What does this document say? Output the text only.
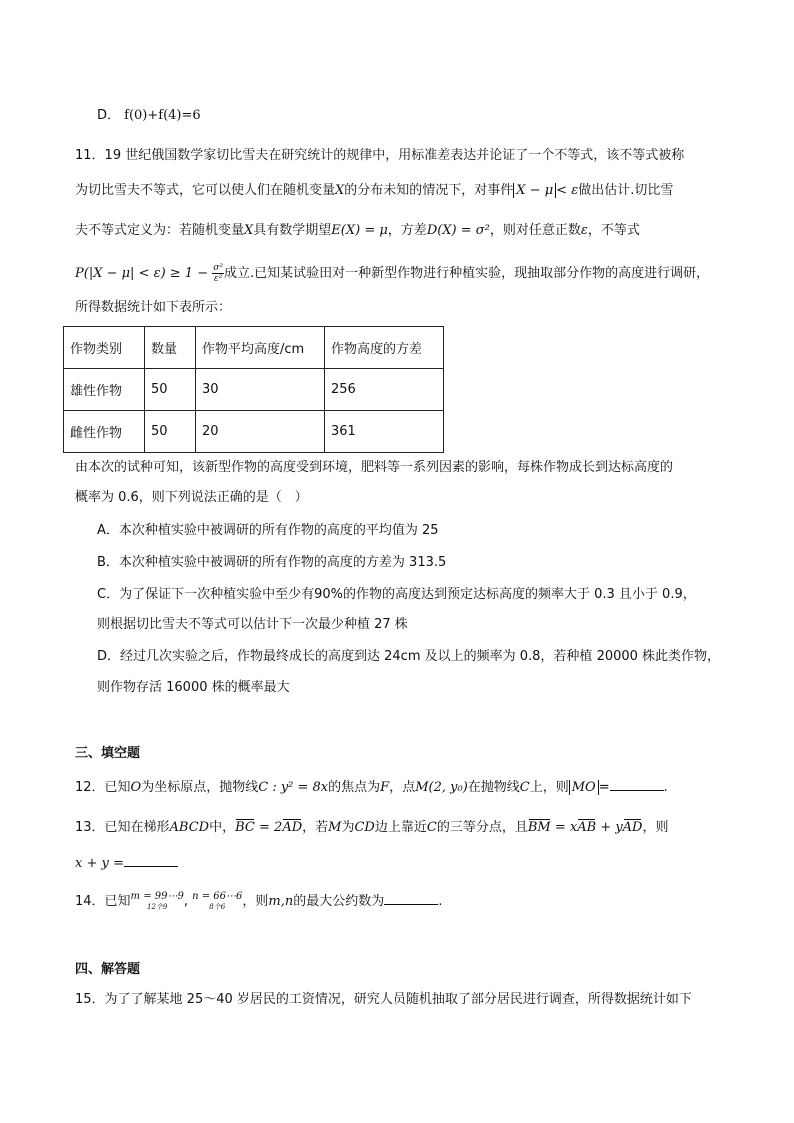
D． f(0)+f(4)=6
11．19 世纪俄国数学家切比雪夫在研究统计的规律中，用标准差表达并论证了一个不等式，该不等式被称
为切比雪夫不等式，它可以使人们在随机变量X的分布未知的情况下，对事件 X − μ < ε做出估计.切比雪
夫不等式定义为：若随机变量X具有数学期望E(X) = μ，方差D(X) = σ²，则对任意正数ε，不等式
$P(|X - \mu| < \varepsilon) \ge 1 - \frac{\text{σ²}}{\text{ε²}}$ 成立.已知某试验田对一种新型作物进行种植实验，现抽取部分作物的高度进行调研，
所得数据统计如下表所示：
作物类别	数量	作物平均高度/cm	作物高度的方差
雄性作物	50	30	256
雌性作物	50	20	361
由本次的试种可知，该新型作物的高度受到环境，肥料等一系列因素的影响，每株作物成长到达标高度的
概率为 0.6，则下列说法正确的是（　）
A．本次种植实验中被调研的所有作物的高度的平均值为 25
B．本次种植实验中被调研的所有作物的高度的方差为 313.5
C．为了保证下一次种植实验中至少有90%的作物的高度达到预定达标高度的频率大于 0.3 且小于 0.9，
则根据切比雪夫不等式可以估计下一次最少种植 27 株
D．经过几次实验之后，作物最终成长的高度到达 24cm 及以上的频率为 0.8，若种植 20000 株此类作物，
则作物存活 16000 株的概率最大
三、填空题
12．已知O为坐标原点，抛物线C : y² = 8x的焦点为F，点M(2, y₀)在抛物线C上，则 MO =	.
13．已知在梯形ABCD中，BC = 2AD，若M为CD边上靠近C的三等分点，且BM = xAB + yAD，则
x + y =
14．已知 m = 99⋯9
12个9	, n = 66⋯6
8个6	，则m,n的最大公约数为	.
四、解答题
15．为了了解某地 25～40 岁居民的工资情况，研究人员随机抽取了部分居民进行调查，所得数据统计如下
